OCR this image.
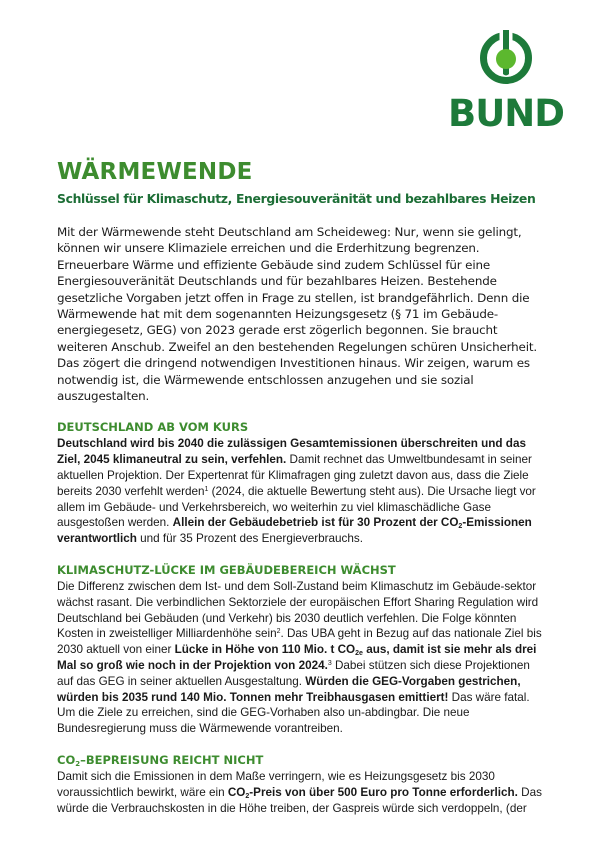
BUND
WÄRMEWENDE

Schlüssel für Klimaschutz, Energiesouveränität und bezahlbares Heizen

Mit der Wärmewende steht Deutschland am Scheideweg: Nur, wenn sie gelingt, können wir unsere Klimaziele erreichen und die Erderhitzung begrenzen. Erneuerbare Wärme und effiziente Gebäude sind zudem Schlüssel für eine Energiesouveränität Deutschlands und für bezahlbares Heizen. Bestehende gesetzliche Vorgaben jetzt offen in Frage zu stellen, ist brandgefährlich. Denn die Wärmewende hat mit dem sogenannten Heizungsgesetz (§ 71 im Gebäude-energiegesetz, GEG) von 2023 gerade erst zögerlich begonnen. Sie braucht weiteren Anschub. Zweifel an den bestehenden Regelungen schüren Unsicherheit. Das zögert die dringend notwendigen Investitionen hinaus. Wir zeigen, warum es notwendig ist, die Wärmewende entschlossen anzugehen und sie sozial auszugestalten.

DEUTSCHLAND AB VOM KURS

Deutschland wird bis 2040 die zulässigen Gesamtemissionen überschreiten und das Ziel, 2045 klimaneutral zu sein, verfehlen. Damit rechnet das Umweltbundesamt in seiner aktuellen Projektion. Der Expertenrat für Klimafragen ging zuletzt davon aus, dass die Ziele bereits 2030 verfehlt werden$^1$ (2024, die aktuelle Bewertung steht aus). Die Ursache liegt vor allem im Gebäude- und Verkehrsbereich, wo weiterhin zu viel klimaschädliche Gase ausgestoßen werden. Allein der Gebäudebetrieb ist für 30 Prozent der $CO_2$-Emissionen verantwortlich und für 35 Prozent des Energieverbrauchs.

KLIMASCHUTZ-LÜCKE IM GEBÄUDEBEREICH WÄCHST

Die Differenz zwischen dem Ist- und dem Soll-Zustand beim Klimaschutz im Gebäude-sektor wächst rasant. Die verbindlichen Sektorziele der europäischen Effort Sharing Regulation wird Deutschland bei Gebäuden (und Verkehr) bis 2030 deutlich verfehlen. Die Folge könnten Kosten in zweistelliger Milliardenhöhe sein$^2$. Das UBA geht in Bezug auf das nationale Ziel bis 2030 aktuell von einer Lücke in Höhe von 110 Mio. t $CO_{2e}$ aus, damit ist sie mehr als drei Mal so groß wie noch in der Projektion von 2024.$^3$ Dabei stützen sich diese Projektionen auf das GEG in seiner aktuellen Ausgestaltung. Würden die GEG-Vorgaben gestrichen, würden bis 2035 rund 140 Mio. Tonnen mehr Treibhausgasen emittiert! Das wäre fatal. Um die Ziele zu erreichen, sind die GEG-Vorhaben also un-abdingbar. Die neue Bundesregierung muss die Wärmewende vorantreiben.

$CO_2$–BEPREISUNG REICHT NICHT

Damit sich die Emissionen in dem Maße verringern, wie es Heizungsgesetz bis 2030 voraussichtlich bewirkt, wäre ein $CO_2$-Preis von über 500 Euro pro Tonne erforderlich. Das würde die Verbrauchskosten in die Höhe treiben, der Gaspreis würde sich verdoppeln, (der
